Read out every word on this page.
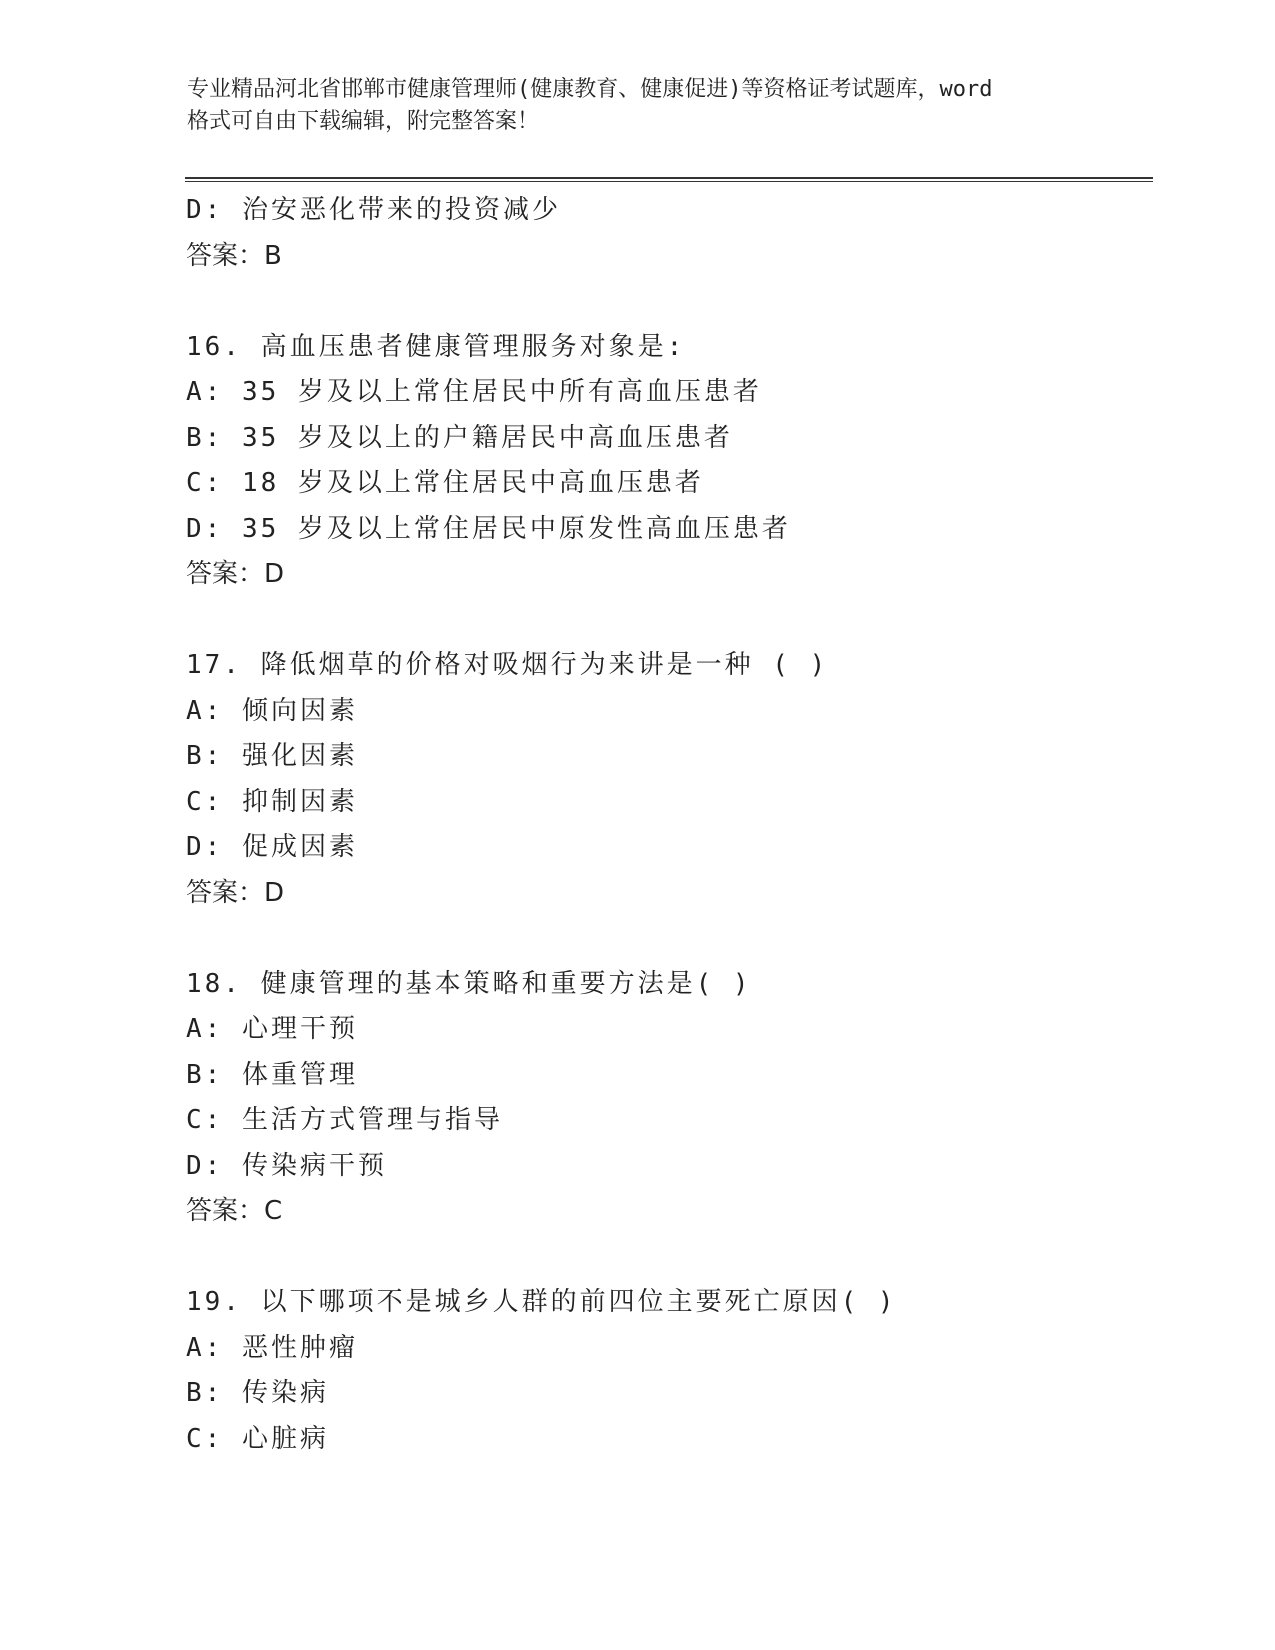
专业精品河北省邯郸市健康管理师(健康教育、健康促进)等资格证考试题库，word
格式可自由下载编辑，附完整答案！
D: 治安恶化带来的投资减少
答案：B
16. 高血压患者健康管理服务对象是:
A: 35 岁及以上常住居民中所有高血压患者
B: 35 岁及以上的户籍居民中高血压患者
C: 18 岁及以上常住居民中高血压患者
D: 35 岁及以上常住居民中原发性高血压患者
答案：D
17. 降低烟草的价格对吸烟行为来讲是一种 ( )
A: 倾向因素
B: 强化因素
C: 抑制因素
D: 促成因素
答案：D
18. 健康管理的基本策略和重要方法是( )
A: 心理干预
B: 体重管理
C: 生活方式管理与指导
D: 传染病干预
答案：C
19. 以下哪项不是城乡人群的前四位主要死亡原因( )
A: 恶性肿瘤
B: 传染病
C: 心脏病
